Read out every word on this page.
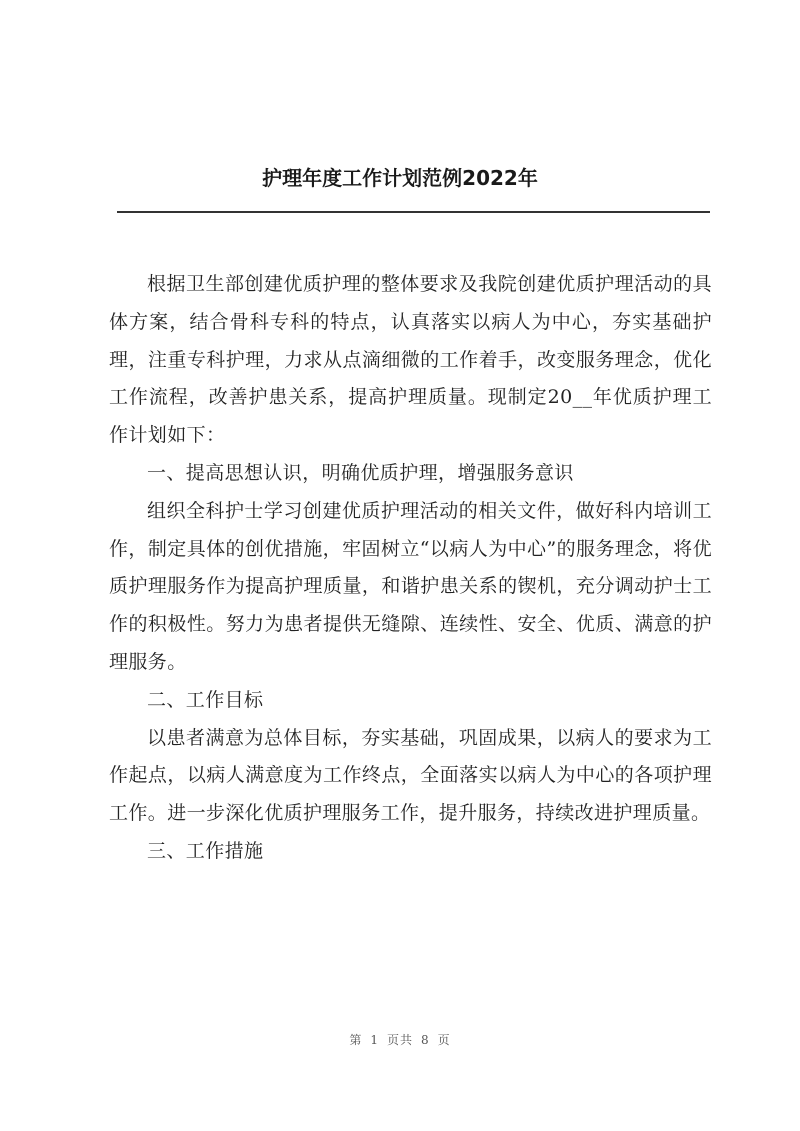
护理年度工作计划范例2022年

根据卫生部创建优质护理的整体要求及我院创建优质护理活动的具体方案，结合骨科专科的特点，认真落实以病人为中心，夯实基础护理，注重专科护理，力求从点滴细微的工作着手，改变服务理念，优化工作流程，改善护患关系，提高护理质量。现制定20__年优质护理工作计划如下：

一、提高思想认识，明确优质护理，增强服务意识

组织全科护士学习创建优质护理活动的相关文件，做好科内培训工作，制定具体的创优措施，牢固树立“以病人为中心”的服务理念，将优质护理服务作为提高护理质量，和谐护患关系的锲机，充分调动护士工作的积极性。努力为患者提供无缝隙、连续性、安全、优质、满意的护理服务。

二、工作目标

以患者满意为总体目标，夯实基础，巩固成果，以病人的要求为工作起点，以病人满意度为工作终点，全面落实以病人为中心的各项护理工作。进一步深化优质护理服务工作，提升服务，持续改进护理质量。

三、工作措施

第 1 页共 8 页
